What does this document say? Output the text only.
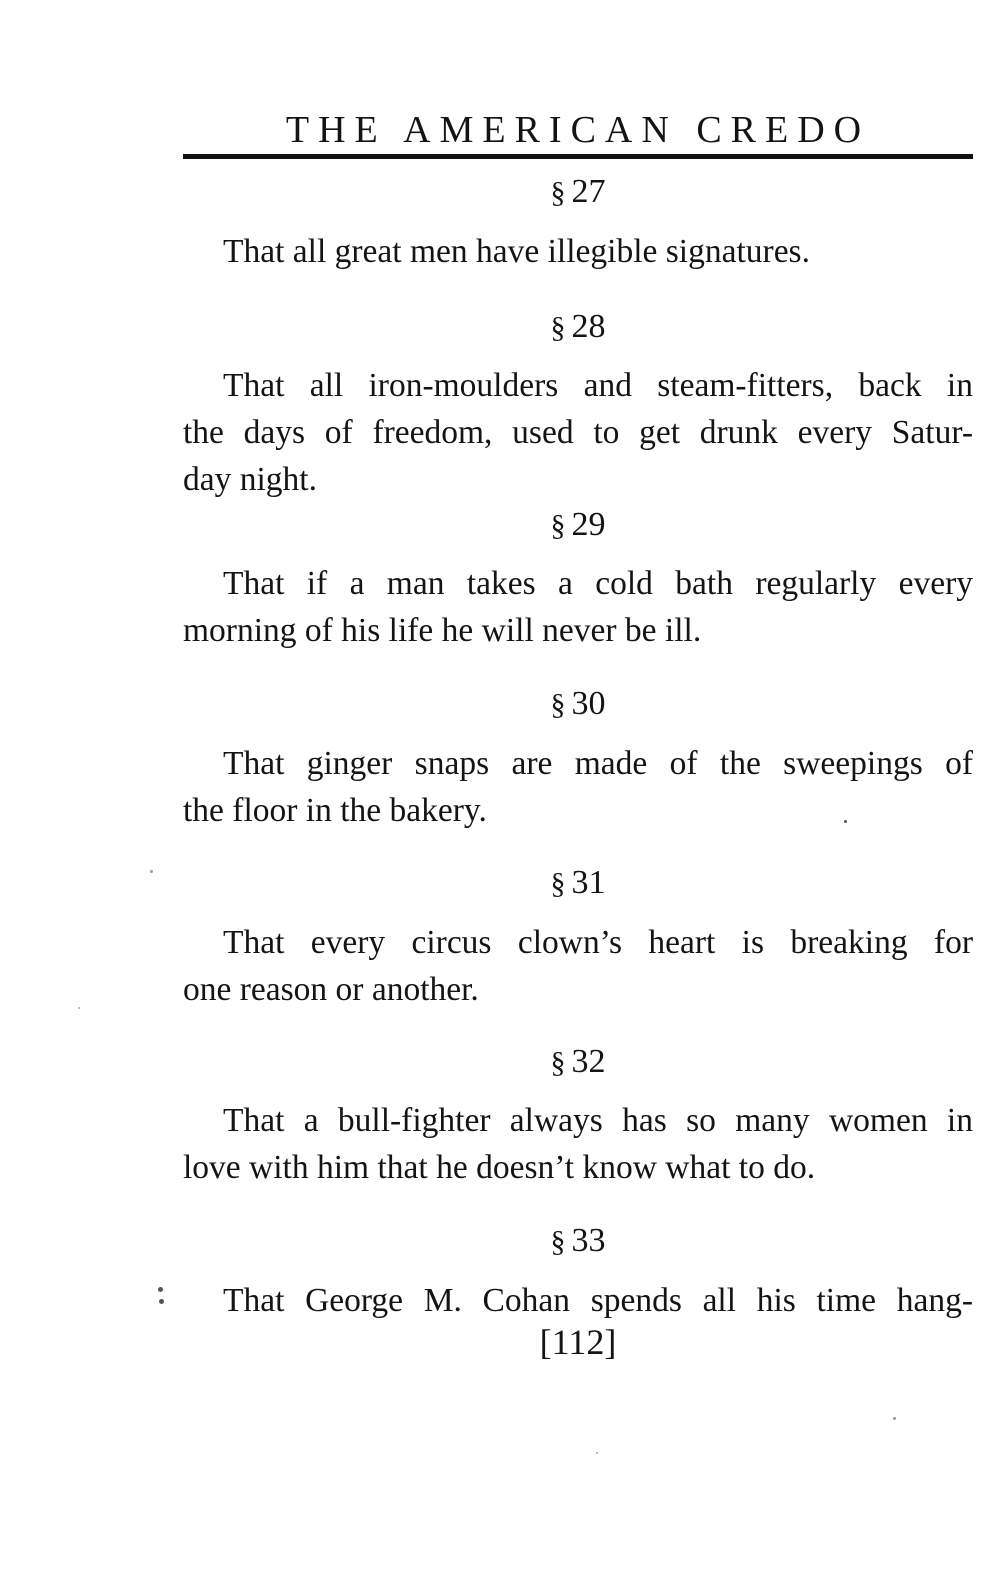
THE AMERICAN CREDO
§ 27
That all great men have illegible signatures.
§ 28
That all iron-moulders and steam-fitters, back in
the days of freedom, used to get drunk every Satur-
day night.
§ 29
That if a man takes a cold bath regularly every
morning of his life he will never be ill.
§ 30
That ginger snaps are made of the sweepings of
the floor in the bakery.
§ 31
That every circus clown’s heart is breaking for
one reason or another.
§ 32
That a bull-fighter always has so many women in
love with him that he doesn’t know what to do.
§ 33
That George M. Cohan spends all his time hang-
[112]
